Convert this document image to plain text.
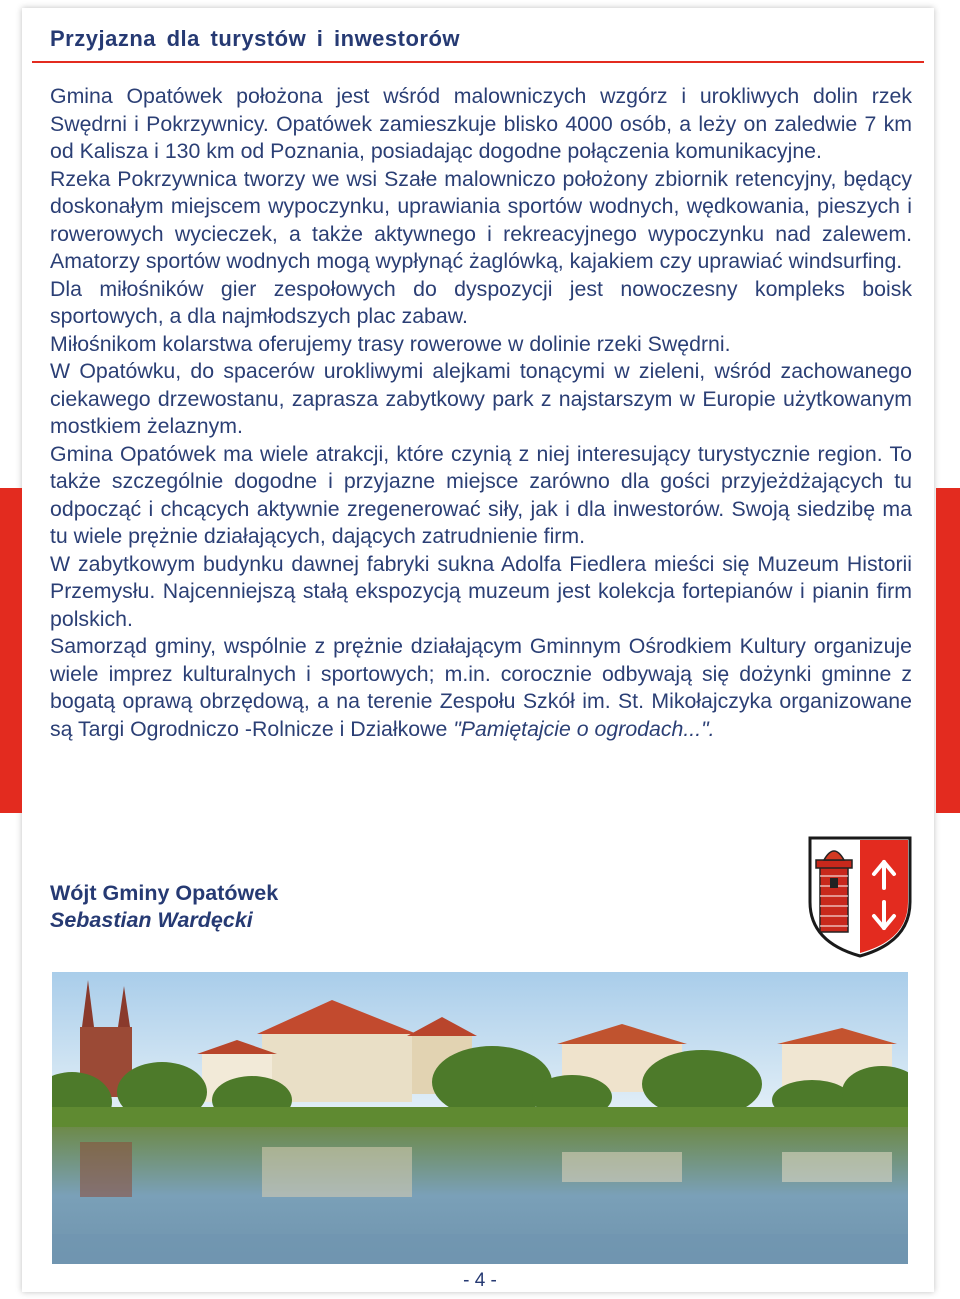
Przyjazna dla turystów i inwestorów

Gmina Opatówek położona jest wśród malowniczych wzgórz i urokliwych dolin rzek Swędrni i Pokrzywnicy. Opatówek zamieszkuje blisko 4000 osób, a leży on zaledwie 7 km od Kalisza i 130 km od Poznania, posiadając dogodne połączenia komunikacyjne.

Rzeka Pokrzywnica tworzy we wsi Szałe malowniczo położony zbiornik retencyjny, będący doskonałym miejscem wypoczynku, uprawiania sportów wodnych, wędkowania, pieszych i rowerowych wycieczek, a także aktywnego i rekreacyjnego wypoczynku nad zalewem. Amatorzy sportów wodnych mogą wypłynąć żaglówką, kajakiem czy uprawiać windsurfing.

Dla miłośników gier zespołowych do dyspozycji jest nowoczesny kompleks boisk sportowych, a dla najmłodszych plac zabaw.

Miłośnikom kolarstwa oferujemy trasy rowerowe w dolinie rzeki Swędrni.

W Opatówku, do spacerów urokliwymi alejkami tonącymi w zieleni, wśród zachowanego ciekawego drzewostanu, zaprasza zabytkowy park z najstarszym w Europie użytkowanym mostkiem żelaznym.

Gmina Opatówek ma wiele atrakcji, które czynią z niej interesujący turystycznie region. To także szczególnie dogodne i przyjazne miejsce zarówno dla gości przyjeżdżających tu odpocząć i chcących aktywnie zregenerować siły, jak i dla inwestorów. Swoją siedzibę ma tu wiele prężnie działających, dających zatrudnienie firm.

W zabytkowym budynku dawnej fabryki sukna Adolfa Fiedlera mieści się Muzeum Historii Przemysłu. Najcenniejszą stałą ekspozycją muzeum jest kolekcja fortepianów i pianin firm polskich.

Samorząd gminy, wspólnie z prężnie działającym Gminnym Ośrodkiem Kultury organizuje wiele imprez kulturalnych i sportowych; m.in. corocznie odbywają się dożynki gminne z bogatą oprawą obrzędową, a na terenie Zespołu Szkół im. St. Mikołajczyka organizowane są Targi Ogrodniczo -Rolnicze i Działkowe "Pamiętajcie o ogrodach...".

Wójt Gminy Opatówek
Sebastian Wardęcki
- 4 -
